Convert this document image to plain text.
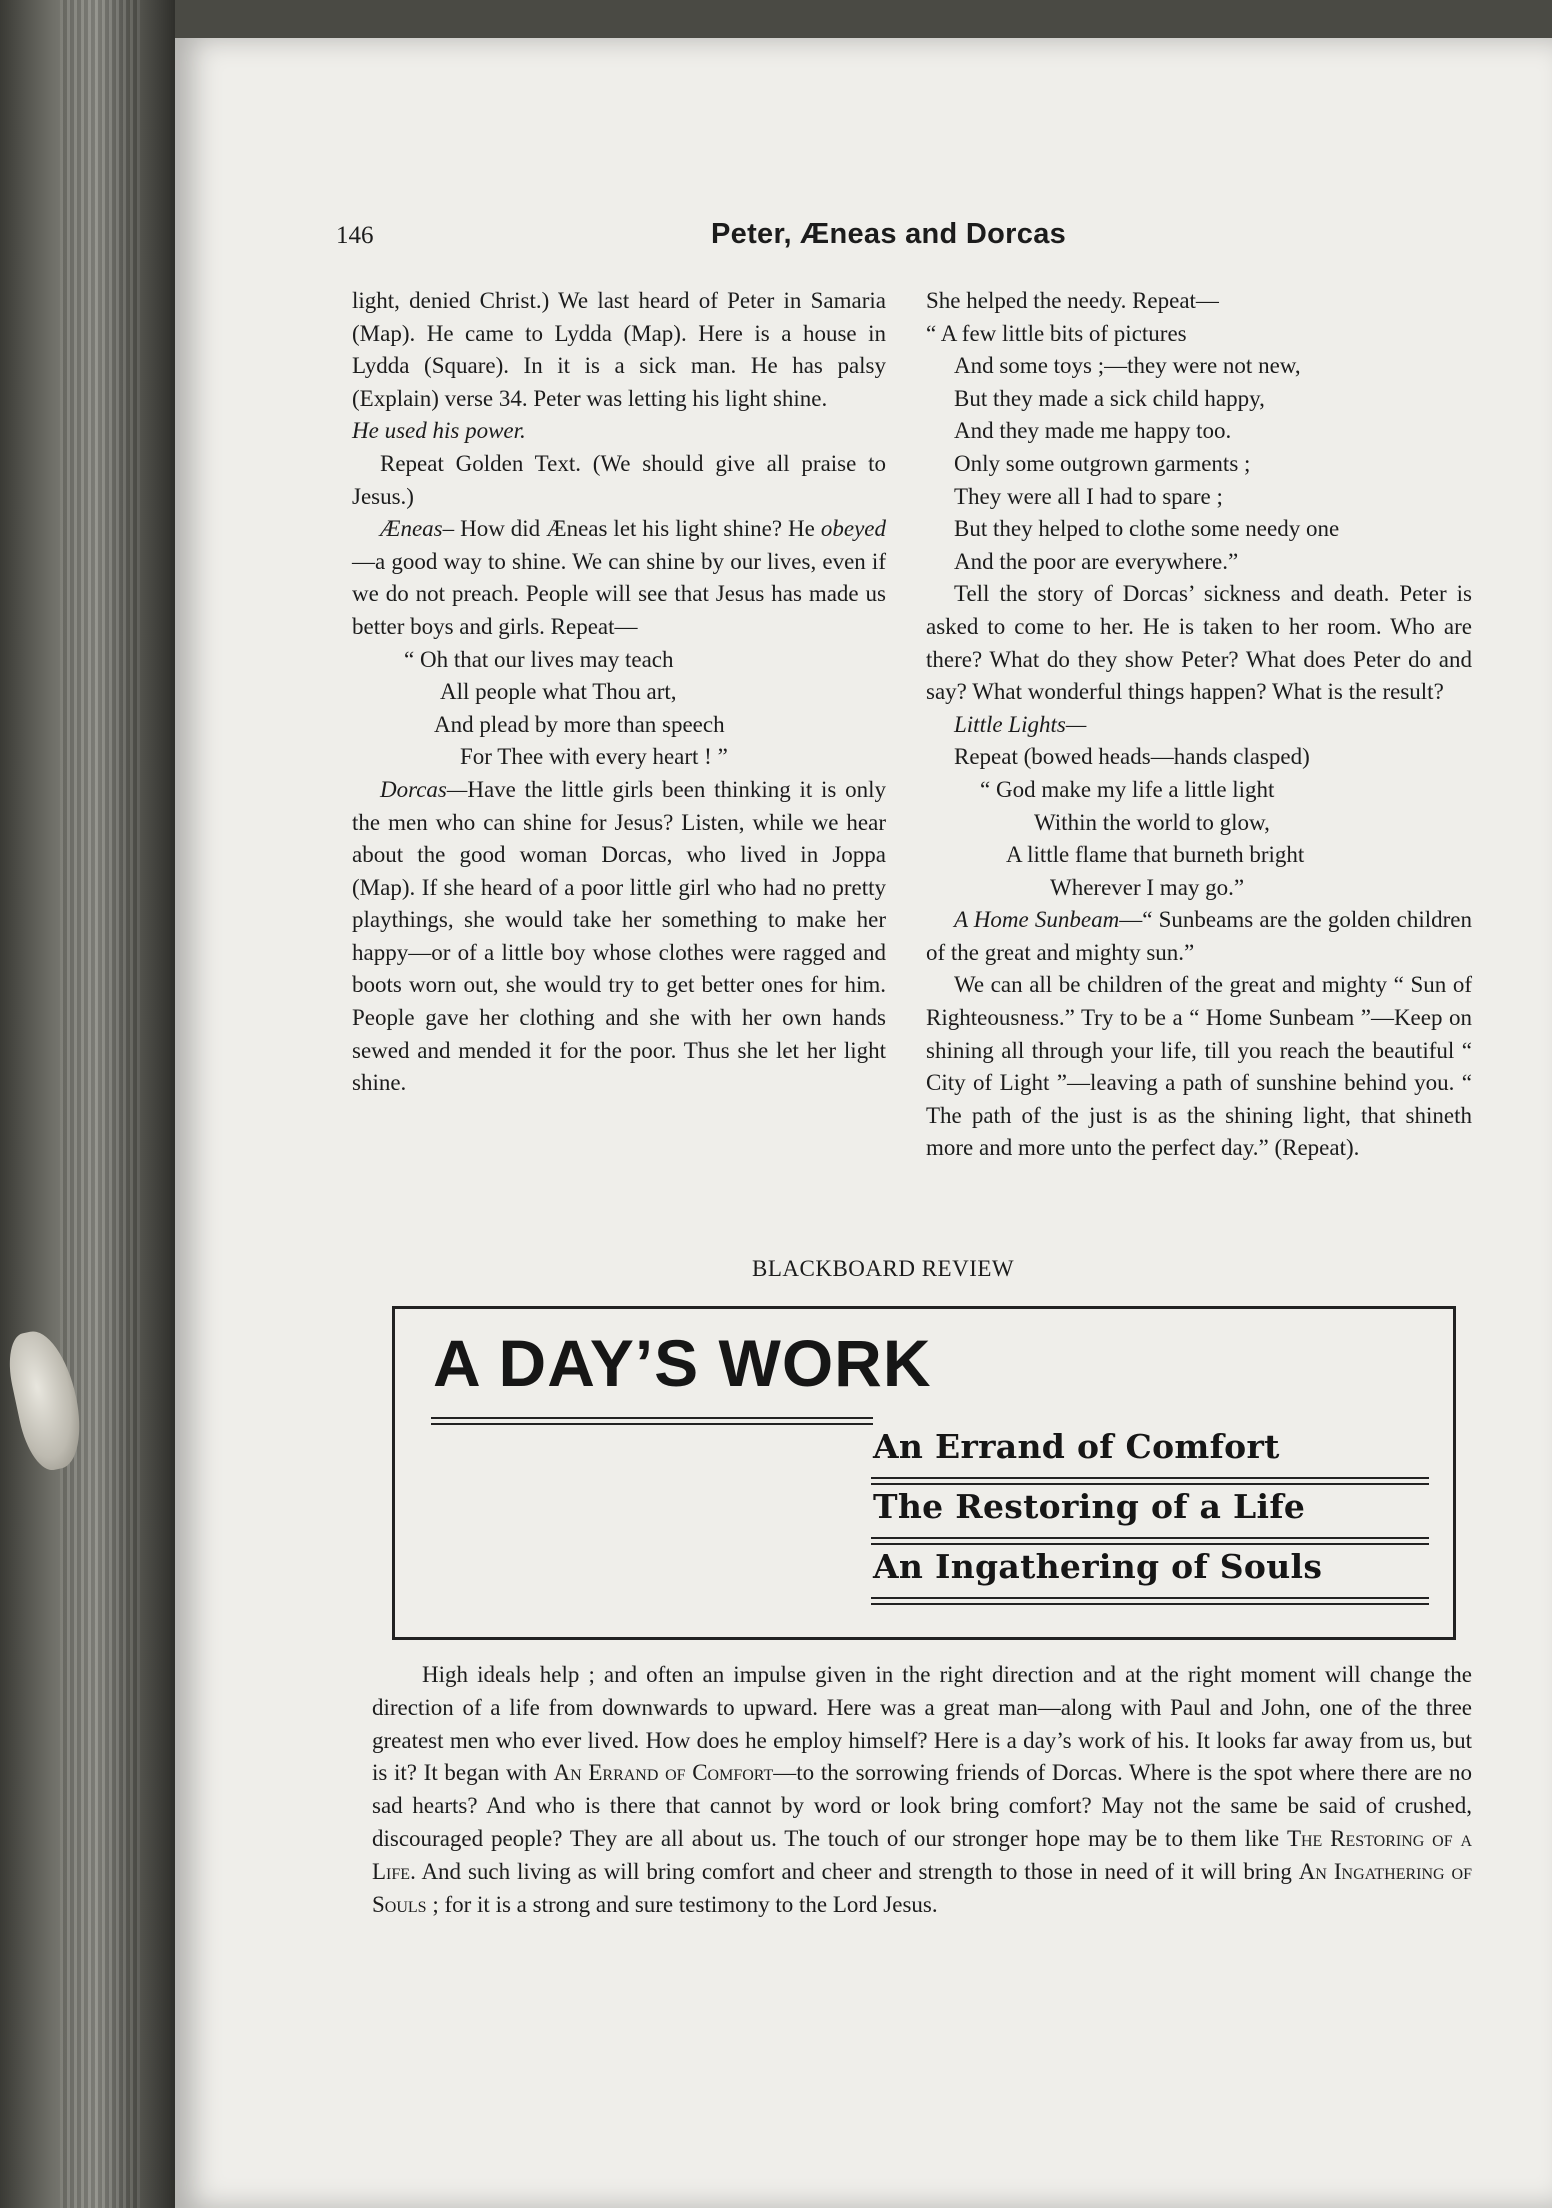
146	Peter, Æneas and Dorcas

light, denied Christ.) We last heard of Peter in Samaria (Map). He came to Lydda (Map). Here is a house in Lydda (Square). In it is a sick man. He has palsy (Explain) verse 34. Peter was letting his light shine.

He used his power.

Repeat Golden Text. (We should give all praise to Jesus.)

Æneas– How did Æneas let his light shine? He obeyed—a good way to shine. We can shine by our lives, even if we do not preach. People will see that Jesus has made us better boys and girls. Repeat—

“ Oh that our lives may teach

All people what Thou art,

And plead by more than speech

For Thee with every heart ! ”

Dorcas—Have the little girls been thinking it is only the men who can shine for Jesus? Listen, while we hear about the good woman Dorcas, who lived in Joppa (Map). If she heard of a poor little girl who had no pretty playthings, she would take her something to make her happy—or of a little boy whose clothes were ragged and boots worn out, she would try to get better ones for him. People gave her clothing and she with her own hands sewed and mended it for the poor. Thus she let her light shine.

She helped the needy. Repeat—

“ A few little bits of pictures

And some toys ;—they were not new,

But they made a sick child happy,

And they made me happy too.

Only some outgrown garments ;

They were all I had to spare ;

But they helped to clothe some needy one

And the poor are everywhere.”

Tell the story of Dorcas’ sickness and death. Peter is asked to come to her. He is taken to her room. Who are there? What do they show Peter? What does Peter do and say? What wonderful things happen? What is the result?

Little Lights—

Repeat (bowed heads—hands clasped)

“ God make my life a little light

Within the world to glow,

A little flame that burneth bright

Wherever I may go.”

A Home Sunbeam—“ Sunbeams are the golden children of the great and mighty sun.”

We can all be children of the great and mighty “ Sun of Righteousness.” Try to be a “ Home Sunbeam ”—Keep on shining all through your life, till you reach the beautiful “ City of Light ”—leaving a path of sunshine behind you. “ The path of the just is as the shining light, that shineth more and more unto the perfect day.” (Repeat).

BLACKBOARD REVIEW
A DAY’S WORK
An Errand of Comfort
The Restoring of a Life
An Ingathering of Souls

High ideals help ; and often an impulse given in the right direction and at the right moment will change the direction of a life from downwards to upward. Here was a great man—along with Paul and John, one of the three greatest men who ever lived. How does he employ himself? Here is a day’s work of his. It looks far away from us, but is it? It began with An Errand of Comfort—to the sorrowing friends of Dorcas. Where is the spot where there are no sad hearts? And who is there that cannot by word or look bring comfort? May not the same be said of crushed, discouraged people? They are all about us. The touch of our stronger hope may be to them like The Restoring of a Life. And such living as will bring comfort and cheer and strength to those in need of it will bring An Ingathering of Souls ; for it is a strong and sure testimony to the Lord Jesus.
